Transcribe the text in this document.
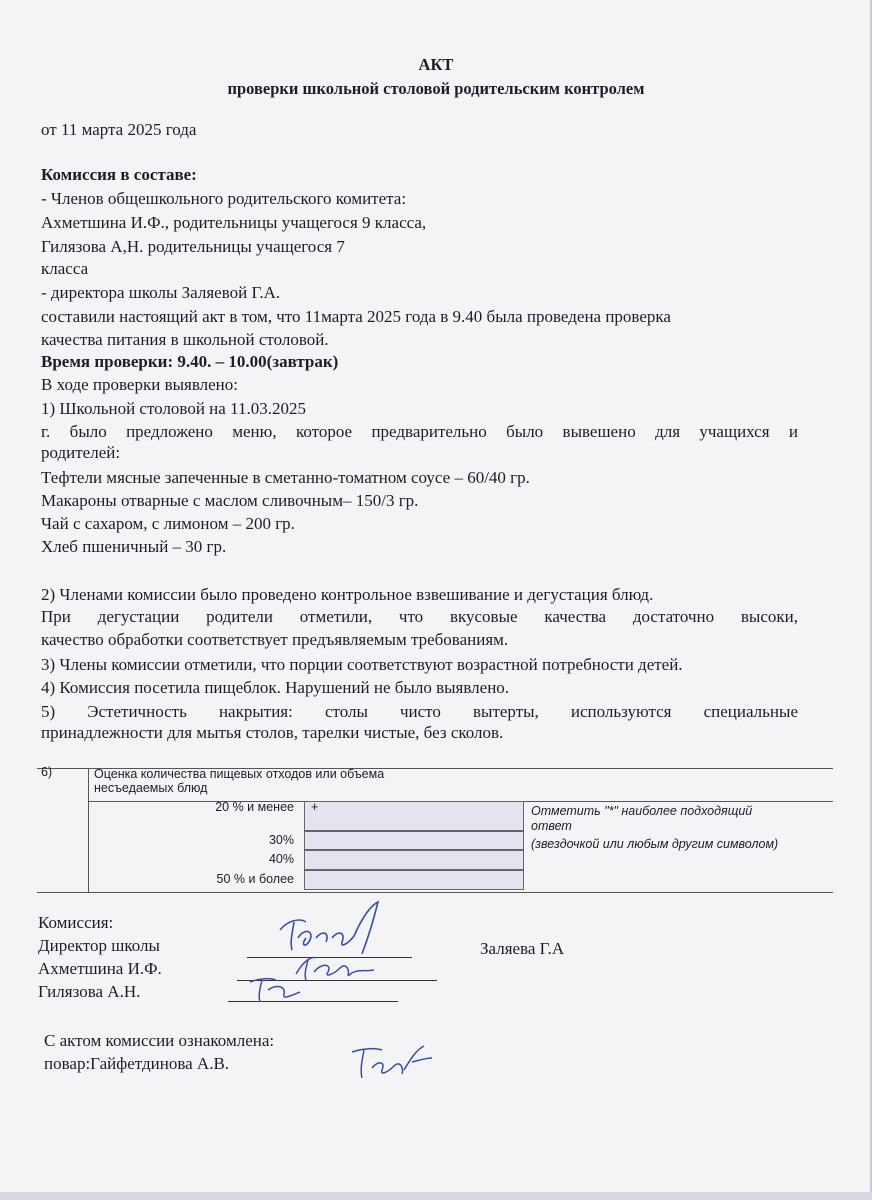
АКТ
проверки школьной столовой родительским контролем
от 11 марта 2025 года
Комиссия в составе:
- Членов общешкольного родительского комитета:
Ахметшина И.Ф., родительницы учащегося 9 класса,
Гилязова А,Н. родительницы учащегося 7
класса
- директора школы Заляевой Г.А.
составили настоящий акт в том, что 11марта 2025 года в 9.40 была проведена проверка
качества питания в школьной столовой.
Время проверки: 9.40. – 10.00(завтрак)
В ходе проверки выявлено:
1) Школьной столовой на 11.03.2025
г. было предложено меню, которое предварительно было вывешено для учащихся и
родителей:
Тефтели мясные запеченные в сметанно-томатном соусе – 60/40 гр.
Макароны отварные с маслом сливочным– 150/3 гр.
Чай с сахаром, с лимоном – 200 гр.
Хлеб пшеничный – 30 гр.
2) Членами комиссии было проведено контрольное взвешивание и дегустация блюд.
При дегустации родители отметили, что вкусовые качества достаточно высоки,
качество обработки соответствует предъявляемым требованиям.
3) Члены комиссии отметили, что порции соответствуют возрастной потребности детей.
4) Комиссия посетила пищеблок. Нарушений не было выявлено.
5) Эстетичность накрытия: столы чисто вытерты, используются специальные
принадлежности для мытья столов, тарелки чистые, без сколов.
6)	Оценка количества пищевых отходов или объема
несъедаемых блюд
20 % и менее
30%
40%
50 % и более
+	Отметить "*" наиболее подходящий
ответ
(звездочкой или любым другим символом)
Комиссия:
Директор школы
Ахметшина И.Ф.
Гилязова А.Н.
Заляева Г.А
С актом комиссии ознакомлена:
повар:Гайфетдинова А.В.
